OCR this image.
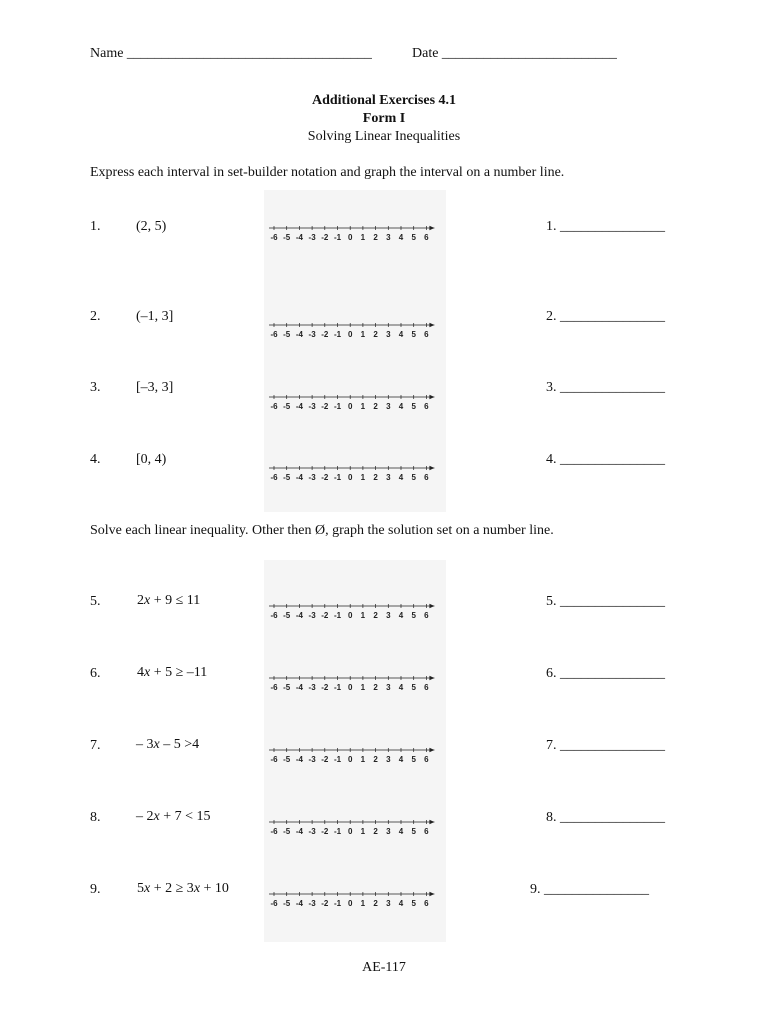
Name ___________________________________	Date _________________________
Additional Exercises 4.1
Form I
Solving Linear Inequalities
Express each interval in set-builder notation and graph the interval on a number line.
1.	(2, 5)
-6 -5 -4 -3 -2 -1 0 1 2 3 4 5 6
1. _______________
2.	(–1, 3]
-6 -5 -4 -3 -2 -1 0 1 2 3 4 5 6
2. _______________
3.	[–3, 3]
-6 -5 -4 -3 -2 -1 0 1 2 3 4 5 6
3. _______________
4.	[0, 4)
-6 -5 -4 -3 -2 -1 0 1 2 3 4 5 6
4. _______________
Solve each linear inequality. Other then Ø, graph the solution set on a number line.
5.	2x + 9 ≤ 11
-6 -5 -4 -3 -2 -1 0 1 2 3 4 5 6
5. _______________
6.	4x + 5 ≥ –11
-6 -5 -4 -3 -2 -1 0 1 2 3 4 5 6
6. _______________
7.	– 3x – 5 >4
-6 -5 -4 -3 -2 -1 0 1 2 3 4 5 6
7. _______________
8.	– 2x + 7 < 15
-6 -5 -4 -3 -2 -1 0 1 2 3 4 5 6
8. _______________
9.	5x + 2 ≥ 3x + 10
-6 -5 -4 -3 -2 -1 0 1 2 3 4 5 6
9. _______________
AE-117
